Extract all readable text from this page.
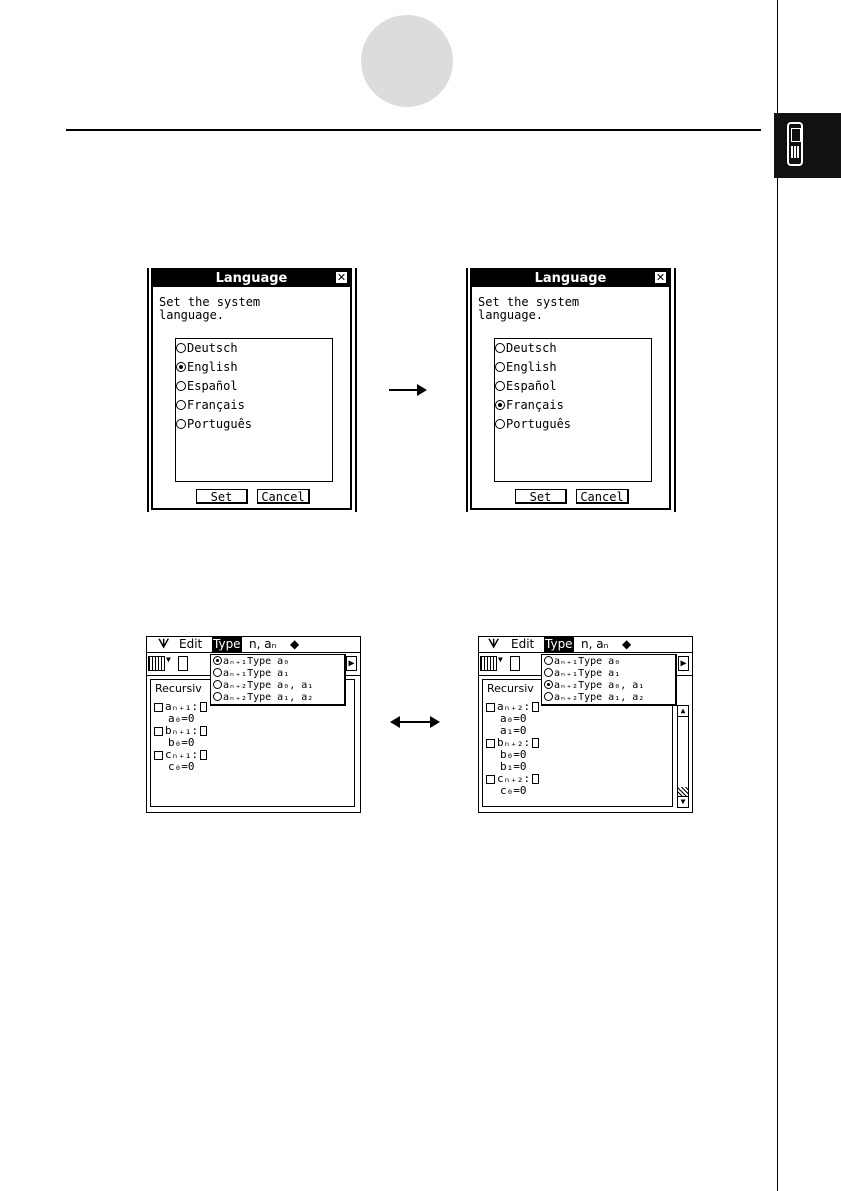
Language	✕
Set the system
language.
Deutsch
English
Español
Français
Português
Set	Cancel
Language	✕
Set the system
language.
Deutsch
English
Español
Français
Português
Set	Cancel
ᗐ Edit Type n, aₙ ◆
▼	▶
Recursiv
aₙ₊₁:
a₀=0
bₙ₊₁:
b₀=0
cₙ₊₁:
c₀=0
aₙ₊₁Type a₀
aₙ₊₁Type a₁
aₙ₊₂Type a₀, a₁
aₙ₊₂Type a₁, a₂
ᗐ Edit Type n, aₙ ◆
▼	▶
Recursiv
aₙ₊₂:
a₀=0
a₁=0
bₙ₊₂:
b₀=0
b₁=0
cₙ₊₂:
c₀=0
▲
▼
aₙ₊₁Type a₀
aₙ₊₁Type a₁
aₙ₊₂Type a₀, a₁
aₙ₊₂Type a₁, a₂
